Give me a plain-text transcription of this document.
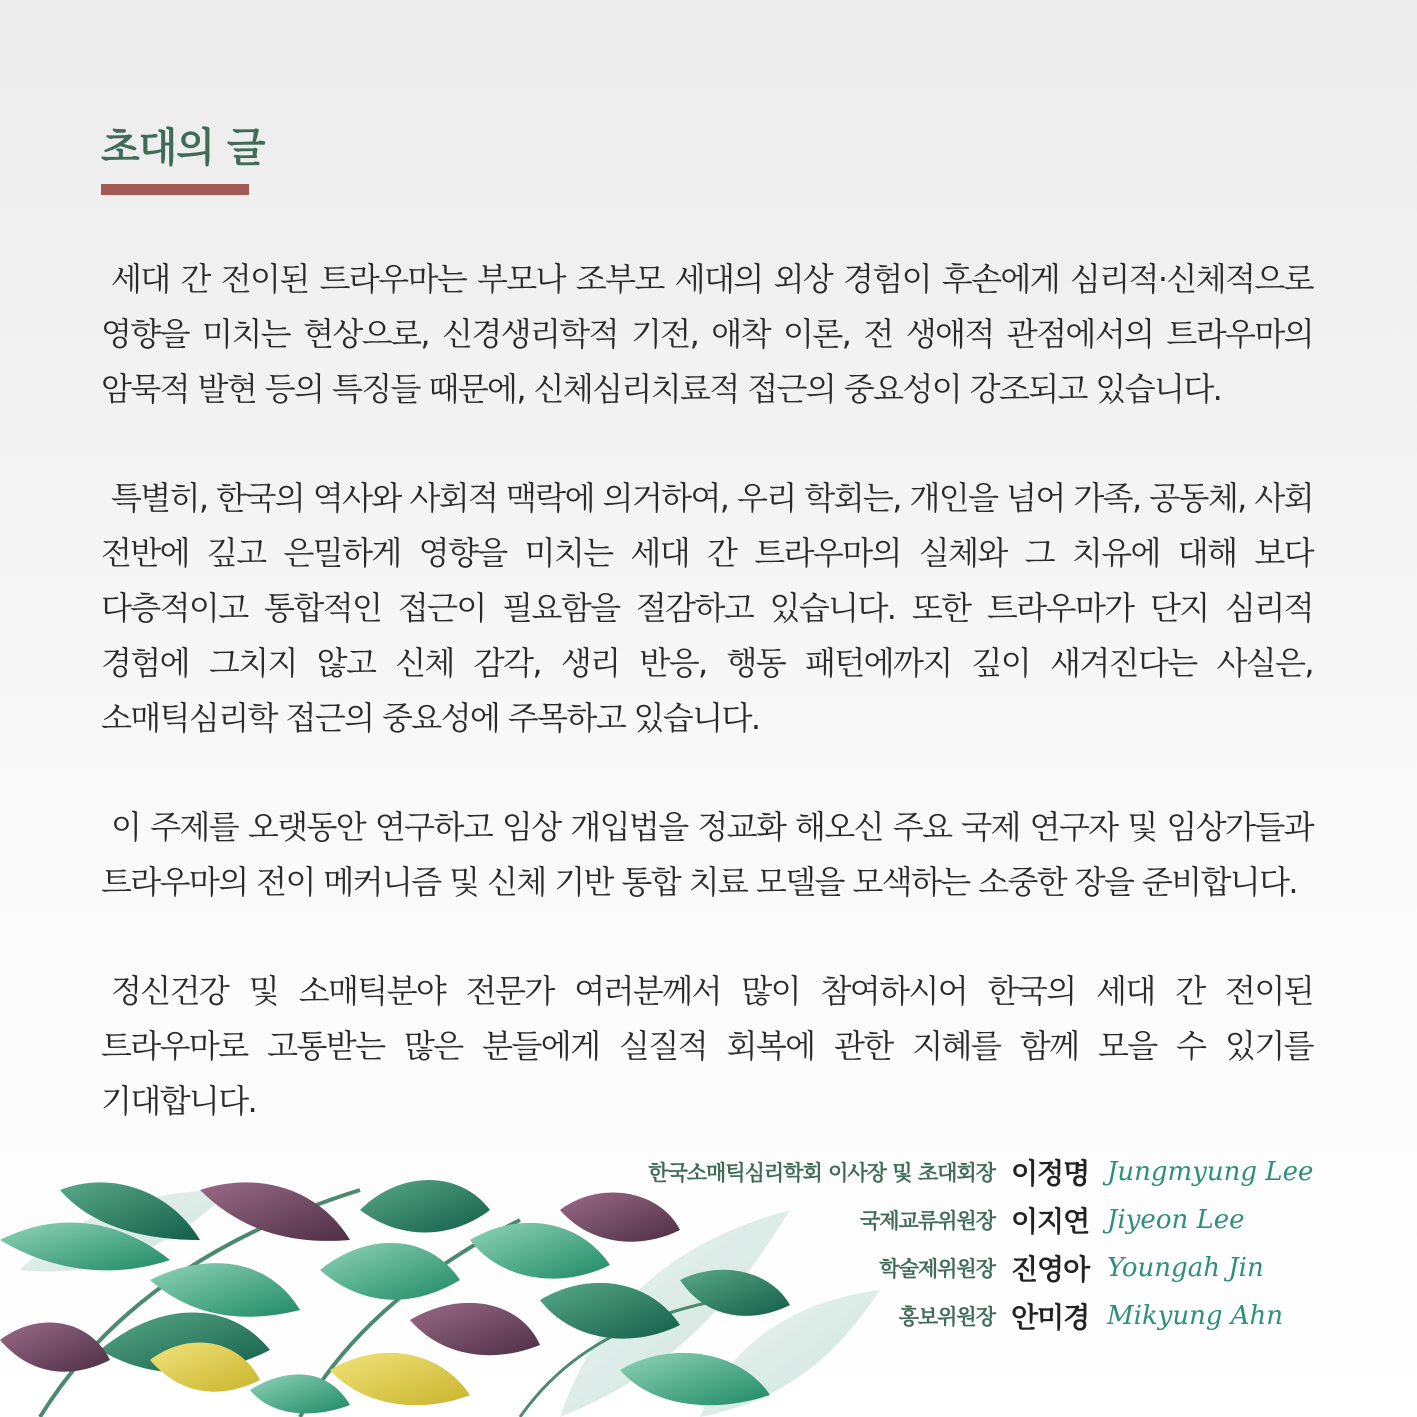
초대의 글

세대 간 전이된 트라우마는 부모나 조부모 세대의 외상 경험이 후손에게 심리적·신체적으로 영향을 미치는 현상으로, 신경생리학적 기전, 애착 이론, 전 생애적 관점에서의 트라우마의 암묵적 발현 등의 특징들 때문에, 신체심리치료적 접근의 중요성이 강조되고 있습니다.

특별히, 한국의 역사와 사회적 맥락에 의거하여, 우리 학회는, 개인을 넘어 가족, 공동체, 사회 전반에 깊고 은밀하게 영향을 미치는 세대 간 트라우마의 실체와 그 치유에 대해 보다 다층적이고 통합적인 접근이 필요함을 절감하고 있습니다. 또한 트라우마가 단지 심리적 경험에 그치지 않고 신체 감각, 생리 반응, 행동 패턴에까지 깊이 새겨진다는 사실은, 소매틱심리학 접근의 중요성에 주목하고 있습니다.

이 주제를 오랫동안 연구하고 임상 개입법을 정교화 해오신 주요 국제 연구자 및 임상가들과 트라우마의 전이 메커니즘 및 신체 기반 통합 치료 모델을 모색하는 소중한 장을 준비합니다.

정신건강 및 소매틱분야 전문가 여러분께서 많이 참여하시어 한국의 세대 간 전이된 트라우마로 고통받는 많은 분들에게 실질적 회복에 관한 지혜를 함께 모을 수 있기를 기대합니다.

한국소매틱심리학회 이사장 및 초대회장 이정명 Jungmyung Lee
국제교류위원장 이지연 Jiyeon Lee
학술제위원장 진영아 Youngah Jin
홍보위원장 안미경 Mikyung Ahn
